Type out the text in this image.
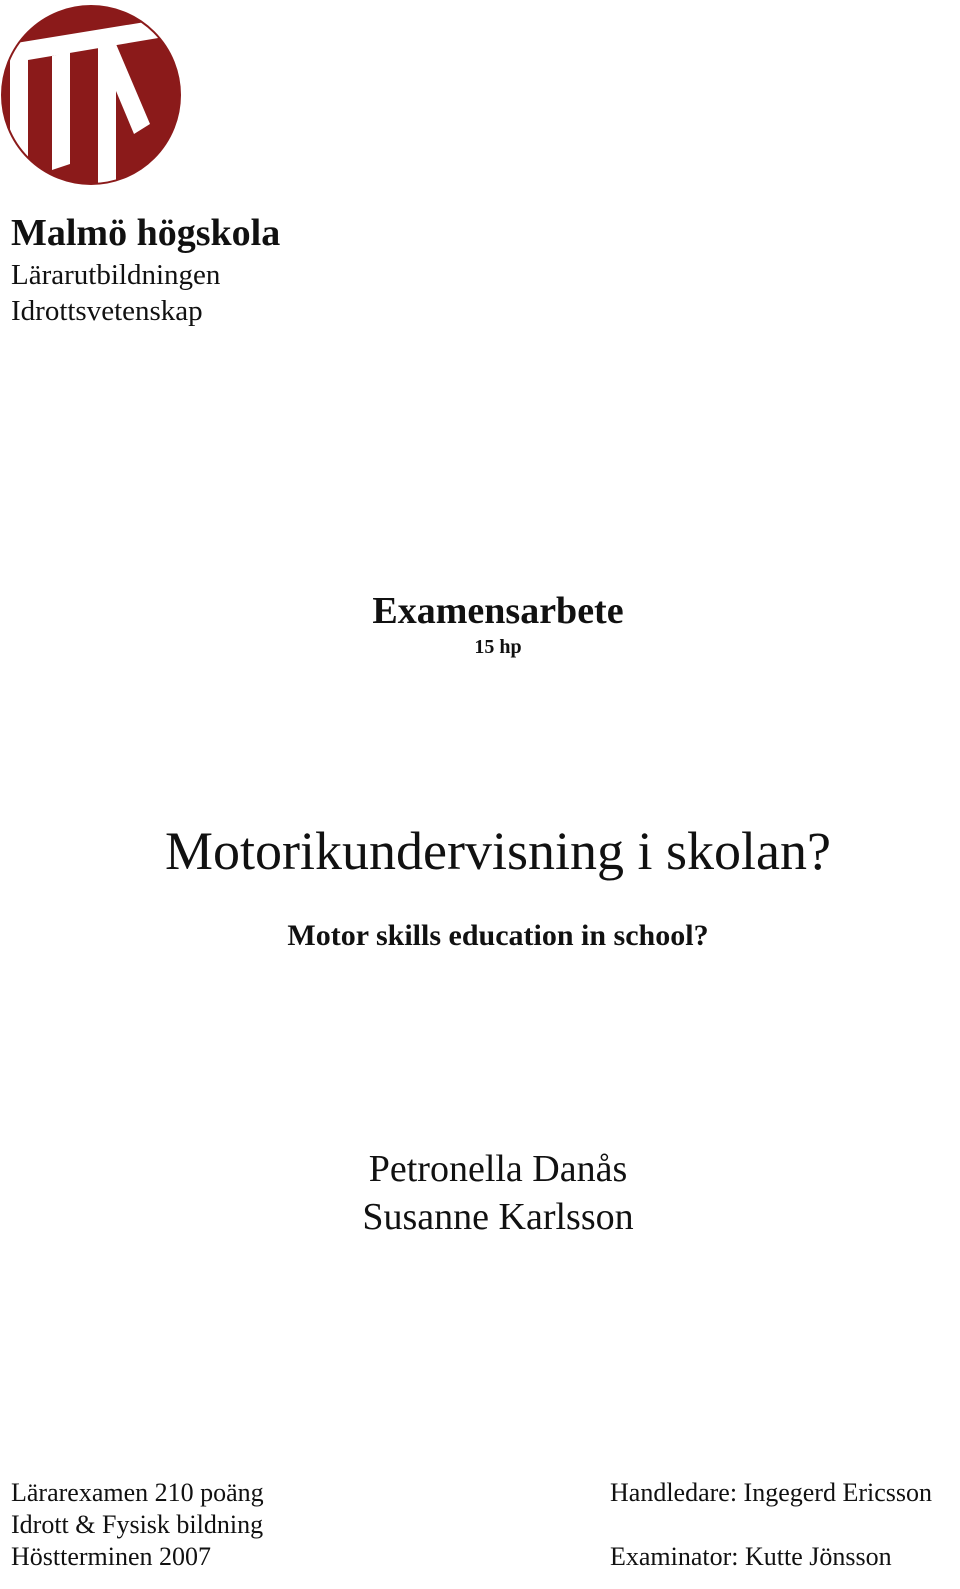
Malmö högskola
Lärarutbildningen
Idrottsvetenskap
Examensarbete
15 hp
Motorikundervisning i skolan?
Motor skills education in school?
Petronella Danås
Susanne Karlsson
Lärarexamen 210 poäng
Idrott & Fysisk bildning
Höstterminen 2007
Handledare: Ingegerd Ericsson
Examinator: Kutte Jönsson
